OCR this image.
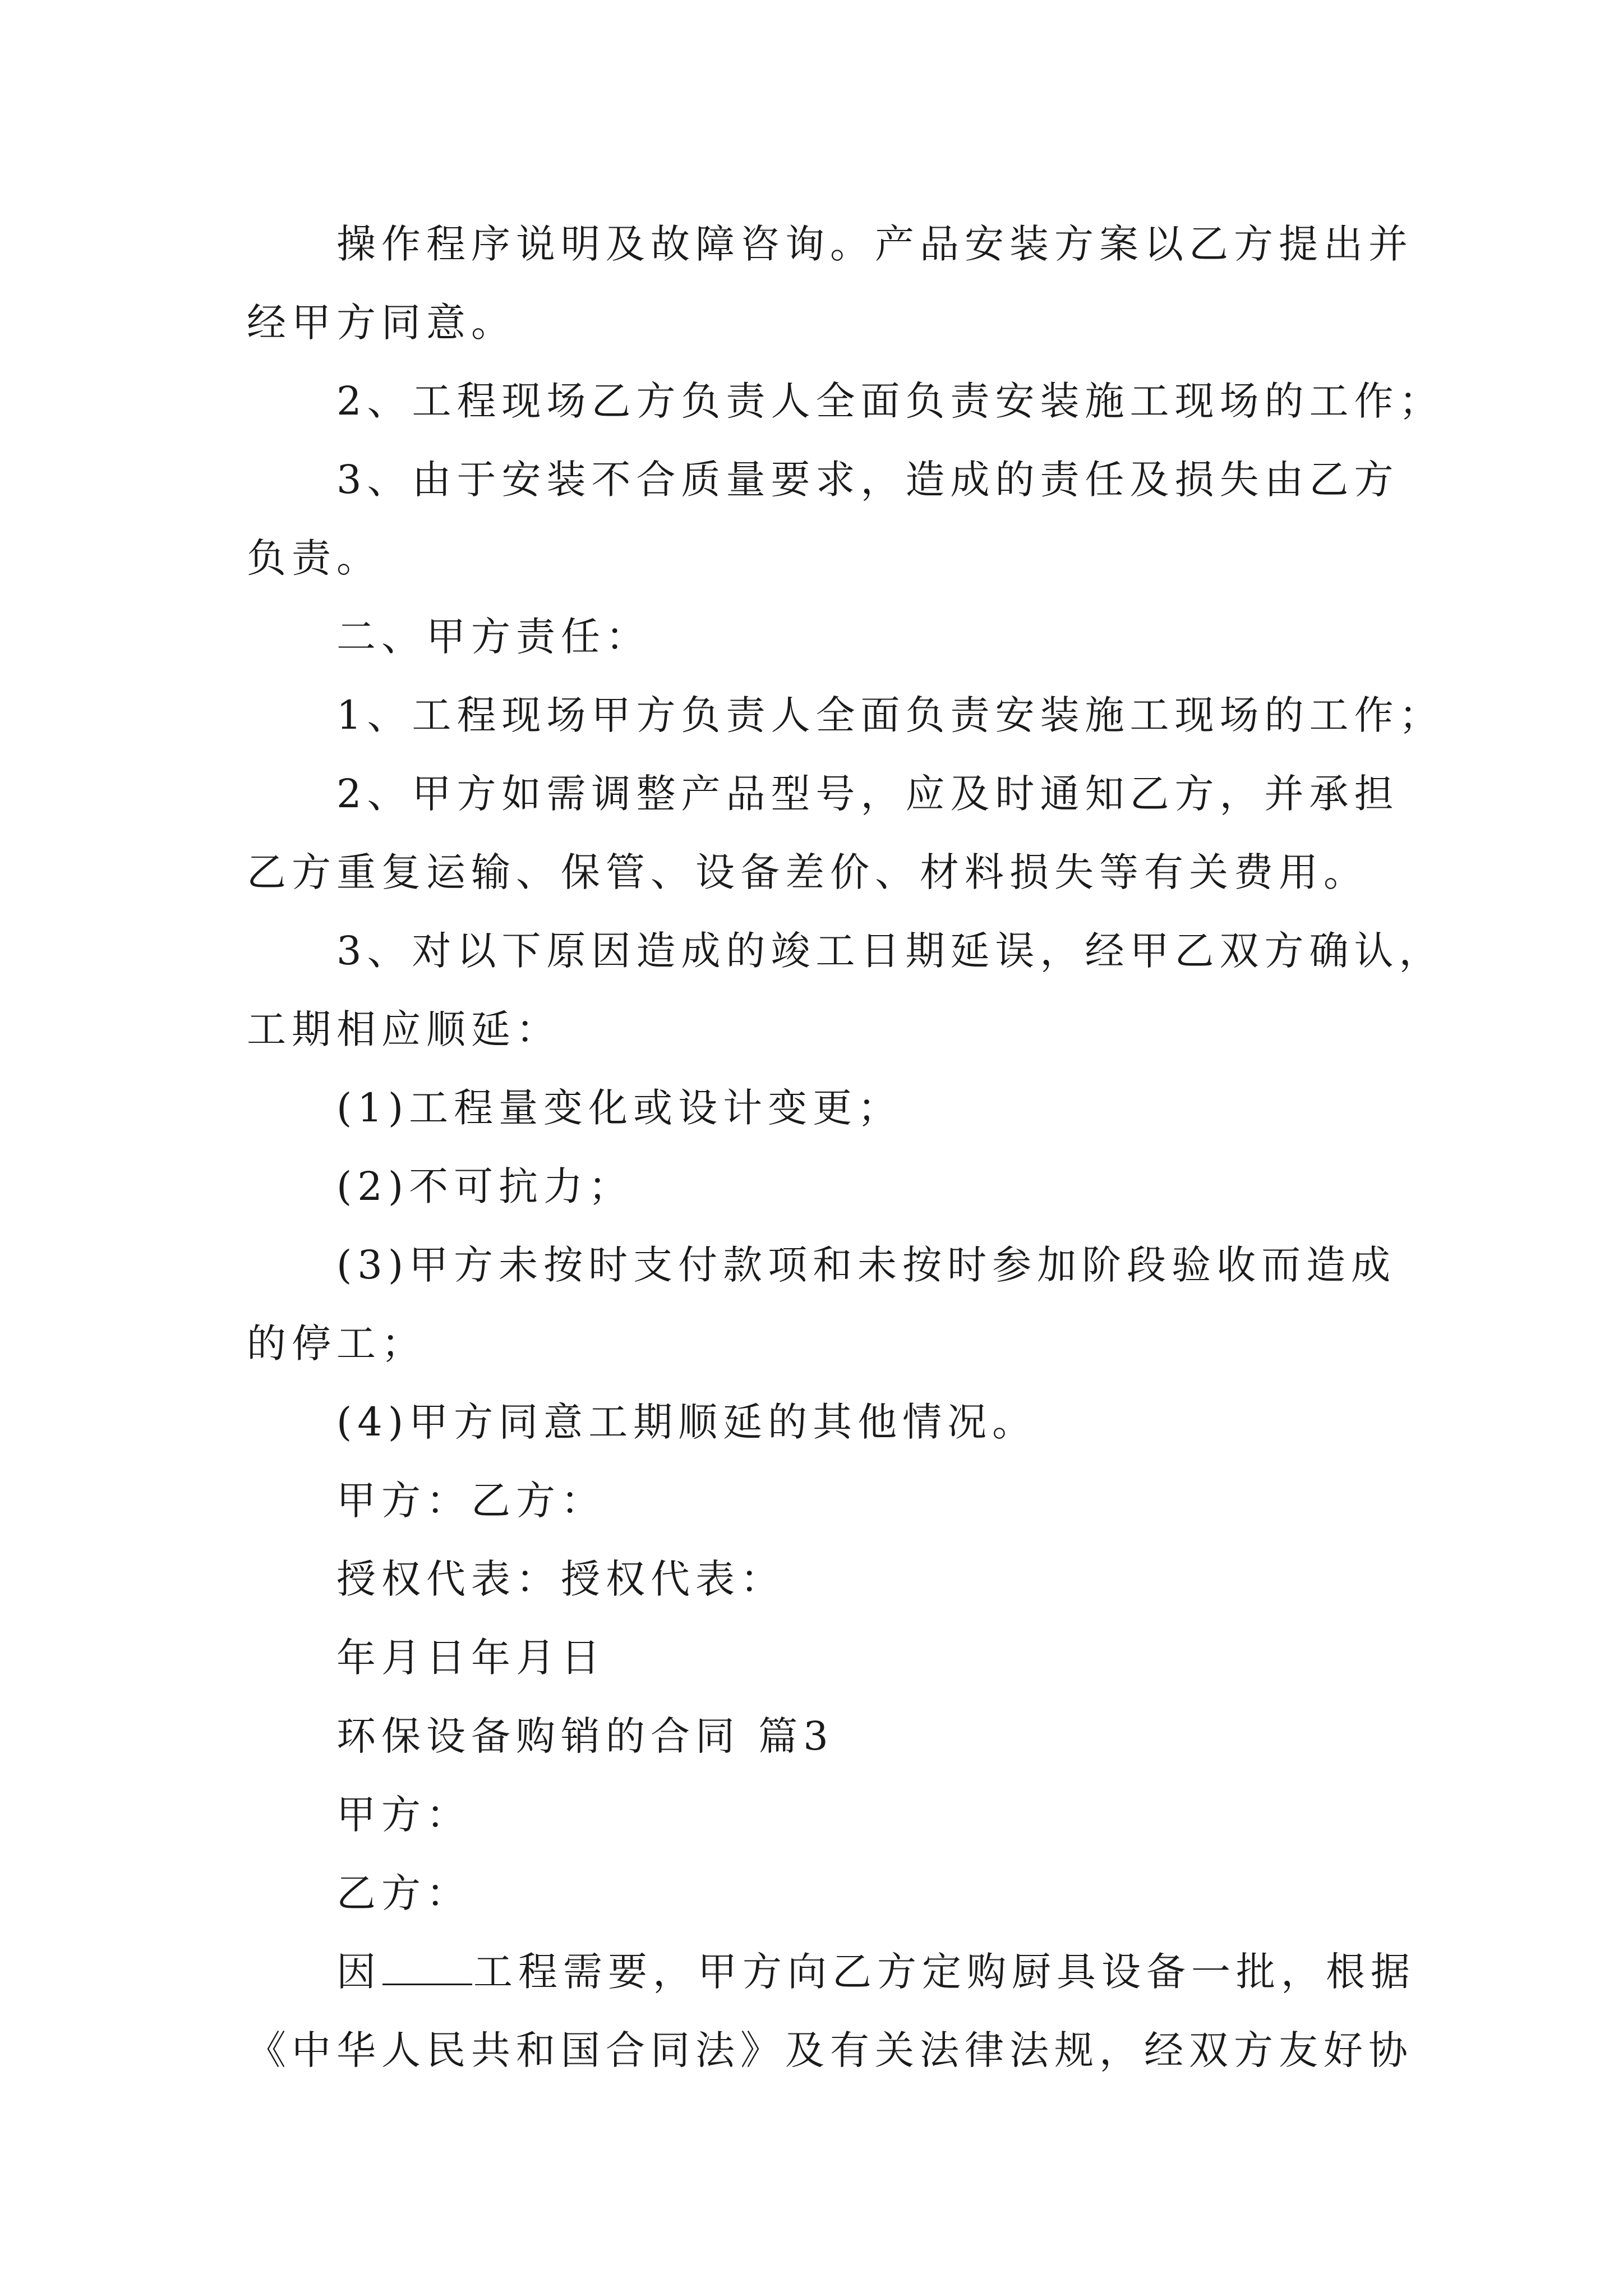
操作程序说明及故障咨询。产品安装方案以乙方提出并
经甲方同意。
2、工程现场乙方负责人全面负责安装施工现场的工作；
3、由于安装不合质量要求，造成的责任及损失由乙方
负责。
二、甲方责任：
1、工程现场甲方负责人全面负责安装施工现场的工作；
2、甲方如需调整产品型号，应及时通知乙方，并承担
乙方重复运输、保管、设备差价、材料损失等有关费用。
3、对以下原因造成的竣工日期延误，经甲乙双方确认，
工期相应顺延：
(1)工程量变化或设计变更；
(2)不可抗力；
(3)甲方未按时支付款项和未按时参加阶段验收而造成
的停工；
(4)甲方同意工期顺延的其他情况。
甲方：乙方：
授权代表：授权代表：
年月日年月日
环保设备购销的合同 篇3
甲方：
乙方：
因 工程需要，甲方向乙方定购厨具设备一批，根据
《中华人民共和国合同法》及有关法律法规，经双方友好协
